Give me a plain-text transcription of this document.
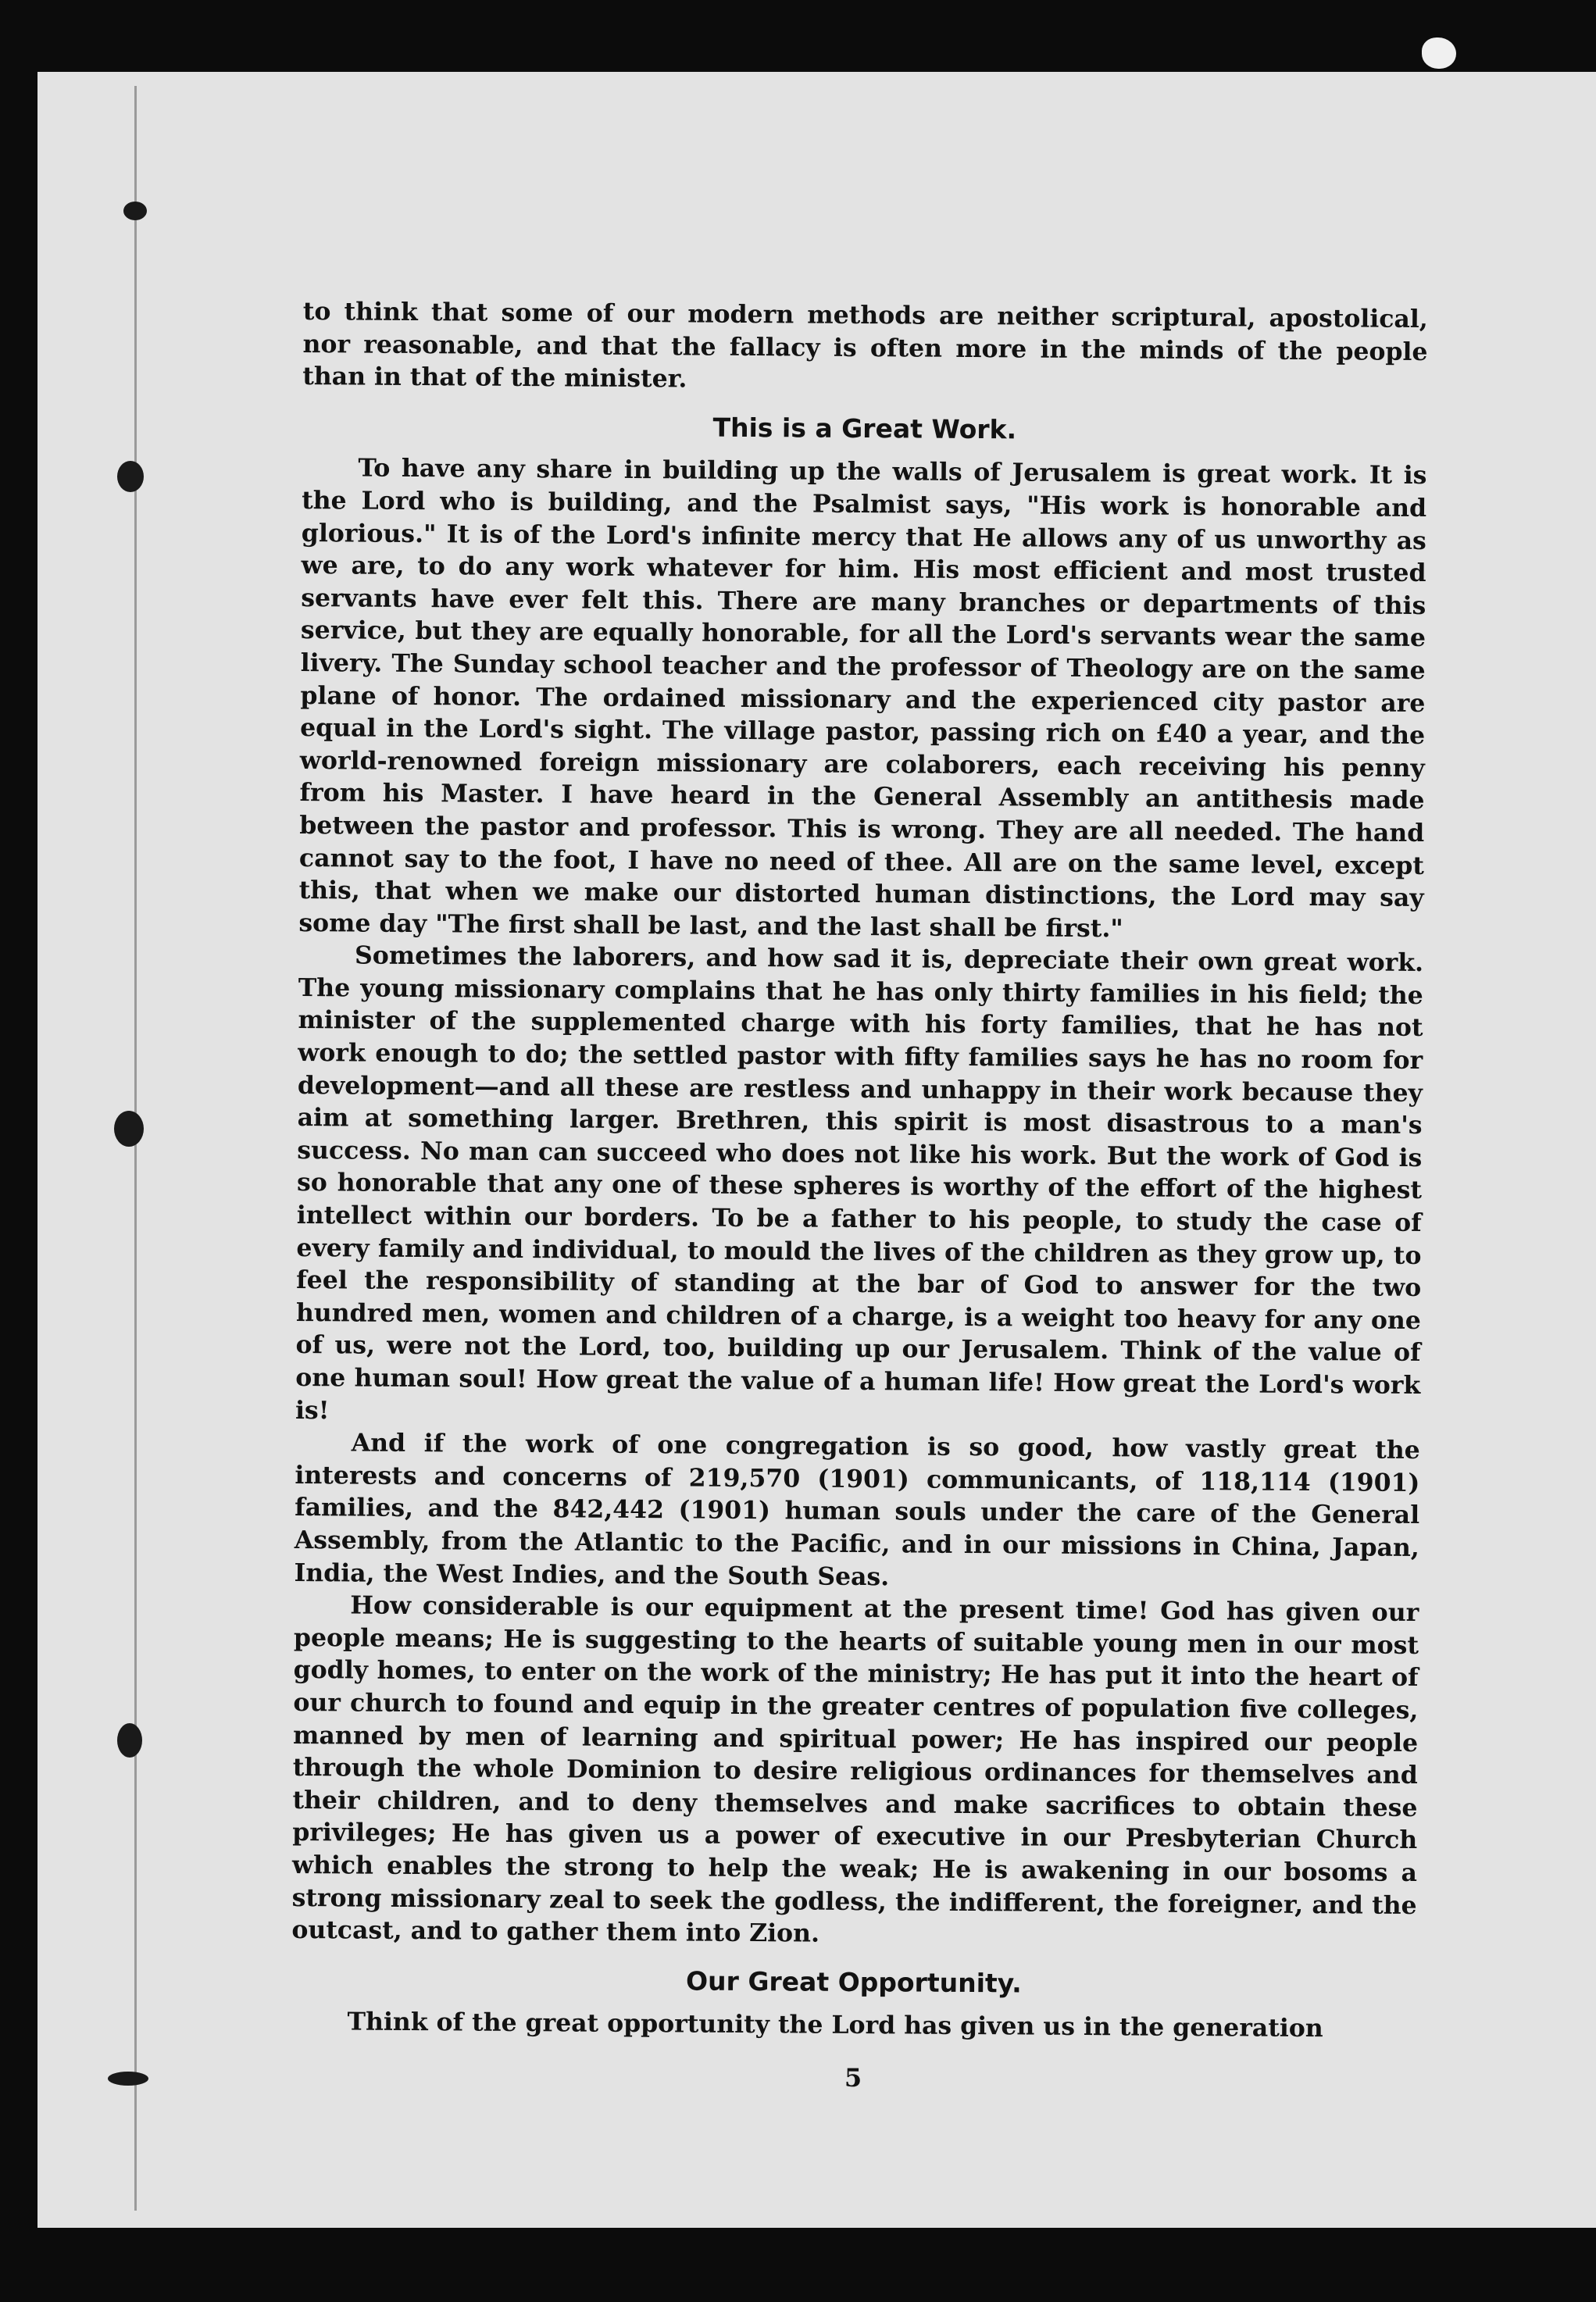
to think that some of our modern methods are neither scriptural, apostolical, nor reasonable, and that the fallacy is often more in the minds of the people than in that of the minister.

This is a Great Work.

To have any share in building up the walls of Jerusalem is great work. It is the Lord who is building, and the Psalmist says, "His work is honorable and glorious." It is of the Lord's infinite mercy that He allows any of us unworthy as we are, to do any work whatever for him. His most efficient and most trusted servants have ever felt this. There are many branches or departments of this service, but they are equally honorable, for all the Lord's servants wear the same livery. The Sunday school teacher and the professor of Theology are on the same plane of honor. The ordained missionary and the experienced city pastor are equal in the Lord's sight. The village pastor, passing rich on £40 a year, and the world-renowned foreign missionary are colaborers, each receiving his penny from his Master. I have heard in the General Assembly an antithesis made between the pastor and professor. This is wrong. They are all needed. The hand cannot say to the foot, I have no need of thee. All are on the same level, except this, that when we make our distorted human distinctions, the Lord may say some day "The first shall be last, and the last shall be first."

Sometimes the laborers, and how sad it is, depreciate their own great work. The young missionary complains that he has only thirty families in his field; the minister of the supplemented charge with his forty families, that he has not work enough to do; the settled pastor with fifty families says he has no room for development—and all these are restless and unhappy in their work because they aim at something larger. Brethren, this spirit is most disastrous to a man's success. No man can succeed who does not like his work. But the work of God is so honorable that any one of these spheres is worthy of the effort of the highest intellect within our borders. To be a father to his people, to study the case of every family and individual, to mould the lives of the children as they grow up, to feel the responsibility of standing at the bar of God to answer for the two hundred men, women and children of a charge, is a weight too heavy for any one of us, were not the Lord, too, building up our Jerusalem. Think of the value of one human soul! How great the value of a human life! How great the Lord's work is!

And if the work of one congregation is so good, how vastly great the interests and concerns of 219,570 (1901) communicants, of 118,114 (1901) families, and the 842,442 (1901) human souls under the care of the General Assembly, from the Atlantic to the Pacific, and in our missions in China, Japan, India, the West Indies, and the South Seas.

How considerable is our equipment at the present time! God has given our people means; He is suggesting to the hearts of suitable young men in our most godly homes, to enter on the work of the ministry; He has put it into the heart of our church to found and equip in the greater centres of population five colleges, manned by men of learning and spiritual power; He has inspired our people through the whole Dominion to desire religious ordinances for themselves and their children, and to deny themselves and make sacrifices to obtain these privileges; He has given us a power of executive in our Presbyterian Church which enables the strong to help the weak; He is awakening in our bosoms a strong missionary zeal to seek the godless, the indifferent, the foreigner, and the outcast, and to gather them into Zion.

Our Great Opportunity.

Think of the great opportunity the Lord has given us in the generation

5
